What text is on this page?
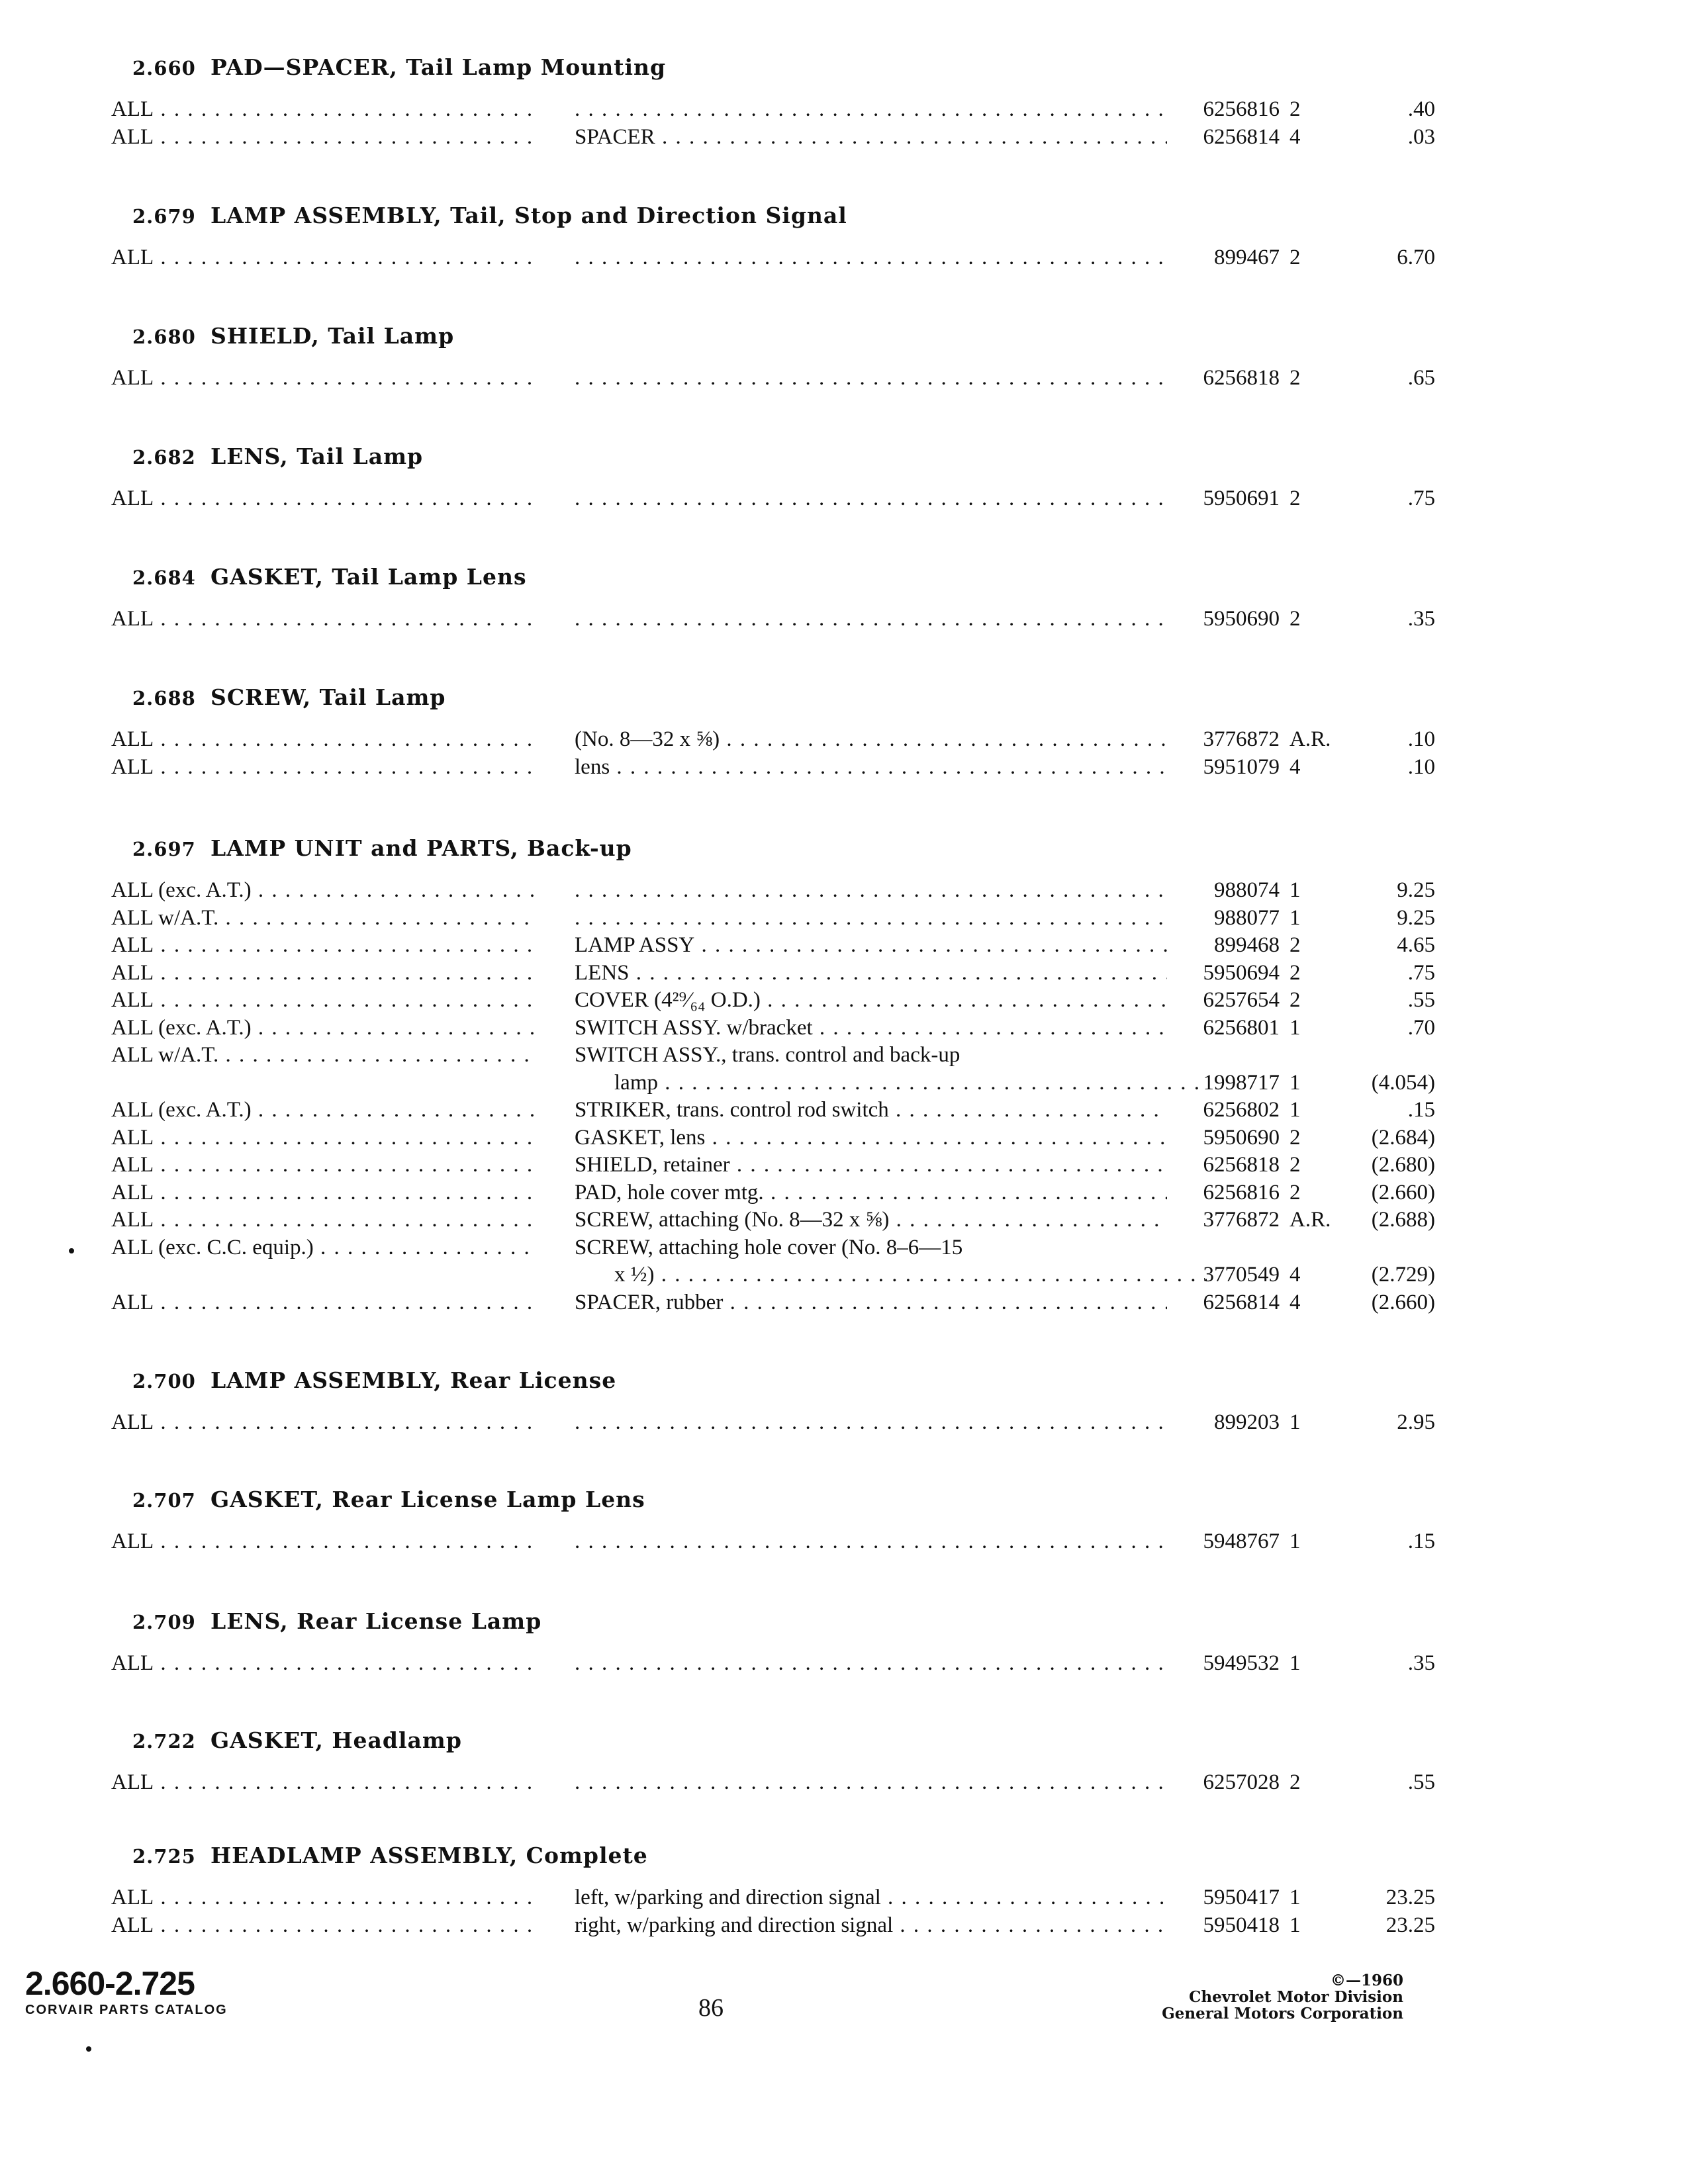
2.660 PAD—SPACER, Tail Lamp Mounting
ALL . . . . . .	6256816 2	.40
ALL . . .	SPACER . . .	6256814 4	.03
2.679 LAMP ASSEMBLY, Tail, Stop and Direction Signal
ALL . . . . . .	899467 2	6.70
2.680 SHIELD, Tail Lamp
ALL . . . . . .	6256818 2	.65
2.682 LENS, Tail Lamp
ALL . . . . . .	5950691 2	.75
2.684 GASKET, Tail Lamp Lens
ALL . . . . . .	5950690 2	.35
2.688 SCREW, Tail Lamp
ALL . . .	(No. 8—32 x ⅝) . . .	3776872 A.R.	.10
ALL . . .	lens . . .	5951079 4	.10
2.697 LAMP UNIT and PARTS, Back-up
ALL (exc. A.T.) . . . . . .	988074 1	9.25
ALL w/A.T. . . . . . .	988077 1	9.25
ALL . . .	LAMP ASSY . . .	899468 2	4.65
ALL . . .	LENS . . .	5950694 2	.75
ALL . . .	COVER (4²⁹⁄₆₄ O.D.) . . .	6257654 2	.55
ALL (exc. A.T.) . . .	SWITCH ASSY. w/bracket . . .	6256801 1	.70
ALL w/A.T. . . .	SWITCH ASSY., trans. control and back-up
lamp . . .	1998717 1	(4.054)
ALL (exc. A.T.) . . .	STRIKER, trans. control rod switch . . .	6256802 1	.15
ALL . . .	GASKET, lens . . .	5950690 2	(2.684)
ALL . . .	SHIELD, retainer . . .	6256818 2	(2.680)
ALL . . .	PAD, hole cover mtg. . . .	6256816 2	(2.660)
ALL . . .	SCREW, attaching (No. 8—32 x ⅝) . . .	3776872 A.R.	(2.688)
ALL (exc. C.C. equip.) . . .	SCREW, attaching hole cover (No. 8–6—15
x ½) . . .	3770549 4	(2.729)
ALL . . .	SPACER, rubber . . .	6256814 4	(2.660)
2.700 LAMP ASSEMBLY, Rear License
ALL . . . . . .	899203 1	2.95
2.707 GASKET, Rear License Lamp Lens
ALL . . . . . .	5948767 1	.15
2.709 LENS, Rear License Lamp
ALL . . . . . .	5949532 1	.35
2.722 GASKET, Headlamp
ALL . . . . . .	6257028 2	.55
2.725 HEADLAMP ASSEMBLY, Complete
ALL . . .	left, w/parking and direction signal . . .	5950417 1	23.25
ALL . . .	right, w/parking and direction signal . . .	5950418 1	23.25
2.660-2.725
CORVAIR PARTS CATALOG	86
©—1960
Chevrolet Motor Division
General Motors Corporation
